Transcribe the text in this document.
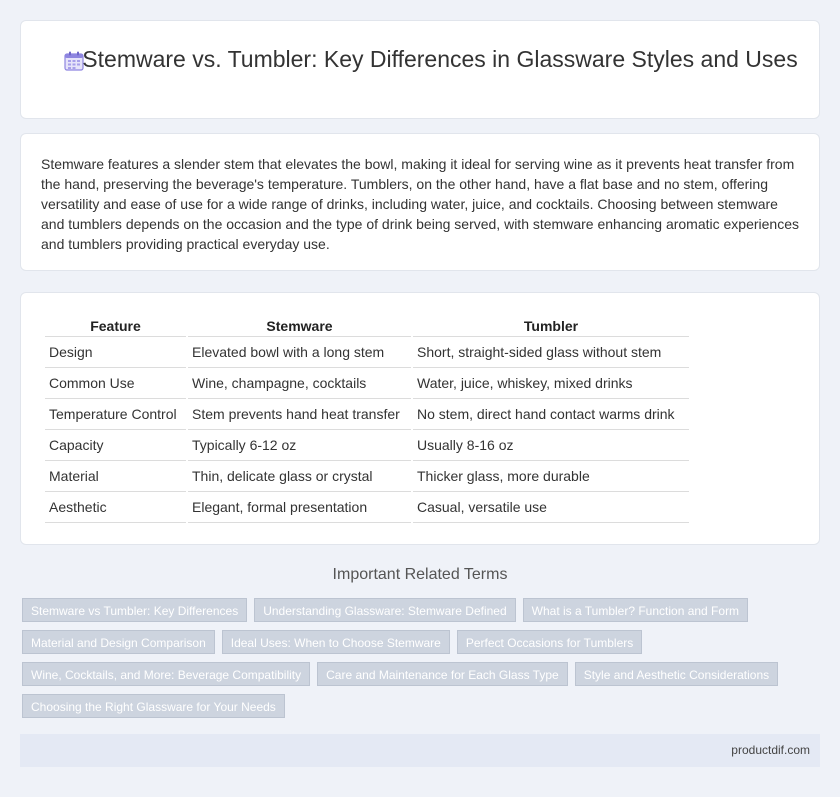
Stemware vs. Tumbler: Key Differences in Glassware Styles and Uses

Stemware features a slender stem that elevates the bowl, making it ideal for serving wine as it prevents heat transfer from the hand, preserving the beverage's temperature. Tumblers, on the other hand, have a flat base and no stem, offering versatility and ease of use for a wide range of drinks, including water, juice, and cocktails. Choosing between stemware and tumblers depends on the occasion and the type of drink being served, with stemware enhancing aromatic experiences and tumblers providing practical everyday use.

Feature	Stemware	Tumbler
Design	Elevated bowl with a long stem	Short, straight-sided glass without stem
Common Use	Wine, champagne, cocktails	Water, juice, whiskey, mixed drinks
Temperature Control	Stem prevents hand heat transfer	No stem, direct hand contact warms drink
Capacity	Typically 6-12 oz	Usually 8-16 oz
Material	Thin, delicate glass or crystal	Thicker glass, more durable
Aesthetic	Elegant, formal presentation	Casual, versatile use
Important Related Terms
Stemware vs Tumbler: Key Differences	Understanding Glassware: Stemware Defined	What is a Tumbler? Function and Form
Material and Design Comparison	Ideal Uses: When to Choose Stemware	Perfect Occasions for Tumblers
Wine, Cocktails, and More: Beverage Compatibility	Care and Maintenance for Each Glass Type	Style and Aesthetic Considerations
Choosing the Right Glassware for Your Needs
productdif.com
